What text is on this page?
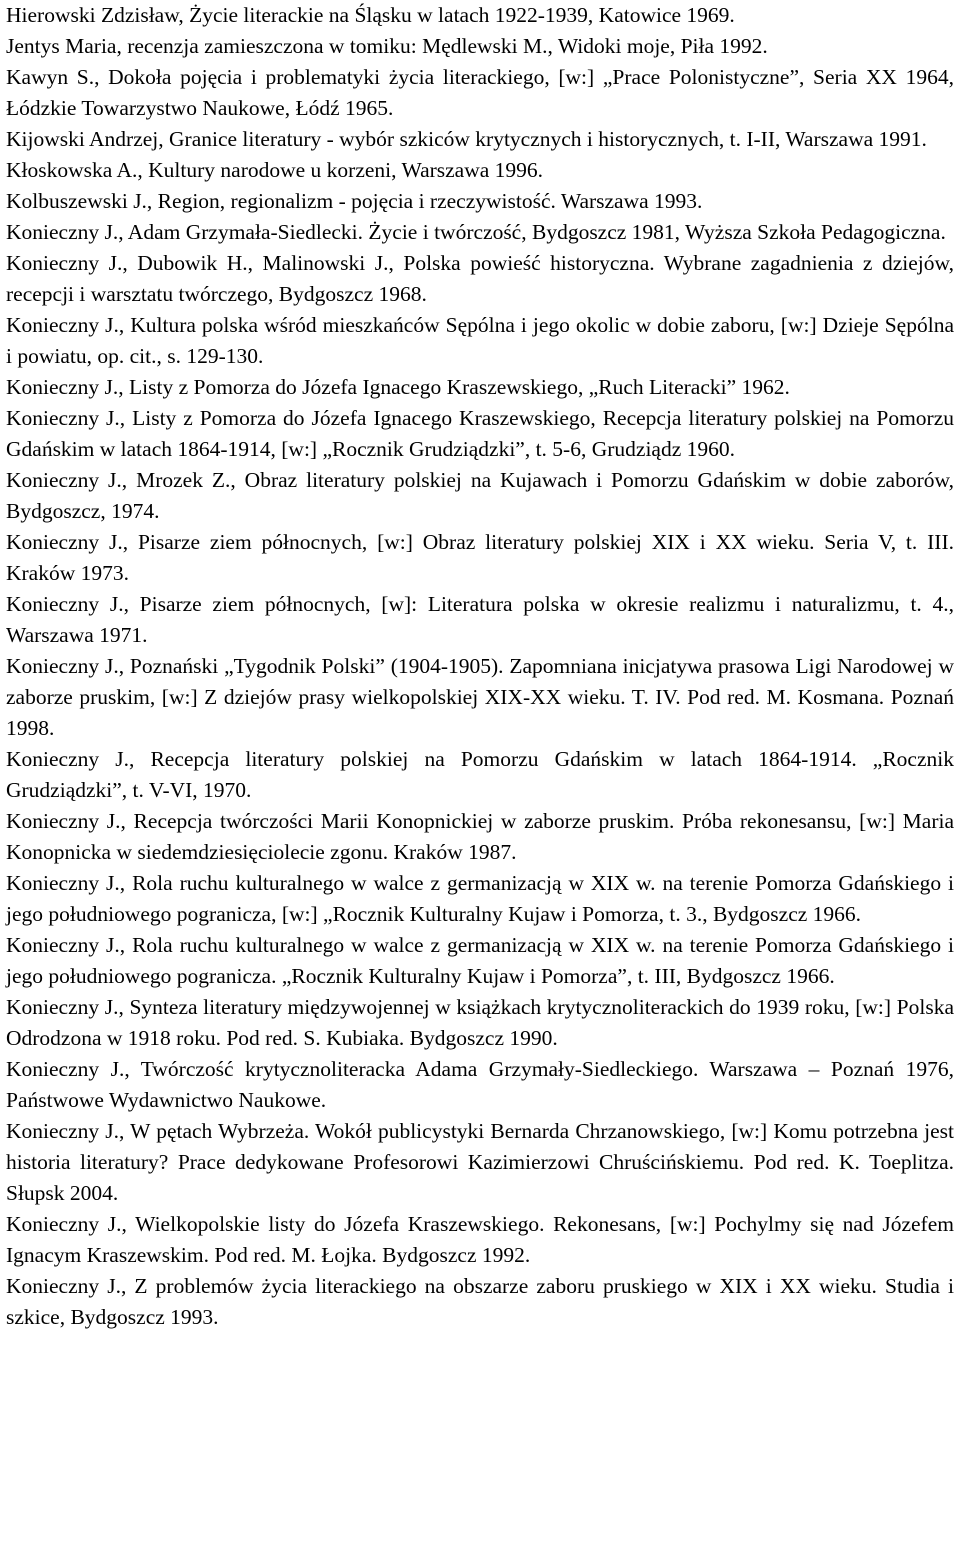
Hierowski Zdzisław, Życie literackie na Śląsku w latach 1922-1939, Katowice 1969.

Jentys Maria, recenzja zamieszczona w tomiku: Mędlewski M., Widoki moje, Piła 1992.

Kawyn S., Dokoła pojęcia i problematyki życia literackiego, [w:] „Prace Polonistyczne”, Seria XX 1964, Łódzkie Towarzystwo Naukowe, Łódź 1965.

Kijowski Andrzej, Granice literatury - wybór szkiców krytycznych i historycznych, t. I-II, Warszawa 1991.

Kłoskowska A., Kultury narodowe u korzeni, Warszawa 1996.

Kolbuszewski J., Region, regionalizm - pojęcia i rzeczywistość. Warszawa 1993.

Konieczny J., Adam Grzymała-Siedlecki. Życie i twórczość, Bydgoszcz 1981, Wyższa Szkoła Pedagogiczna.

Konieczny J., Dubowik H., Malinowski J., Polska powieść historyczna. Wybrane zagadnienia z dziejów, recepcji i warsztatu twórczego, Bydgoszcz 1968.

Konieczny J., Kultura polska wśród mieszkańców Sępólna i jego okolic w dobie zaboru, [w:] Dzieje Sępólna i powiatu, op. cit., s. 129-130.

Konieczny J., Listy z Pomorza do Józefa Ignacego Kraszewskiego, „Ruch Literacki” 1962.

Konieczny J., Listy z Pomorza do Józefa Ignacego Kraszewskiego, Recepcja literatury polskiej na Pomorzu Gdańskim w latach 1864-1914, [w:] „Rocznik Grudziądzki”, t. 5-6, Grudziądz 1960.

Konieczny J., Mrozek Z., Obraz literatury polskiej na Kujawach i Pomorzu Gdańskim w dobie zaborów, Bydgoszcz, 1974.

Konieczny J., Pisarze ziem północnych, [w:] Obraz literatury polskiej XIX i XX wieku. Seria V, t. III. Kraków 1973.

Konieczny J., Pisarze ziem północnych, [w]: Literatura polska w okresie realizmu i naturalizmu, t. 4., Warszawa 1971.

Konieczny J., Poznański „Tygodnik Polski” (1904-1905). Zapomniana inicjatywa prasowa Ligi Narodowej w zaborze pruskim, [w:] Z dziejów prasy wielkopolskiej XIX-XX wieku. T. IV. Pod red. M. Kosmana. Poznań 1998.

Konieczny J., Recepcja literatury polskiej na Pomorzu Gdańskim w latach 1864-1914. „Rocznik Grudziądzki”, t. V-VI, 1970.

Konieczny J., Recepcja twórczości Marii Konopnickiej w zaborze pruskim. Próba rekonesansu, [w:] Maria Konopnicka w siedemdziesięciolecie zgonu. Kraków 1987.

Konieczny J., Rola ruchu kulturalnego w walce z germanizacją w XIX w. na terenie Pomorza Gdańskiego i jego południowego pogranicza, [w:] „Rocznik Kulturalny Kujaw i Pomorza, t. 3., Bydgoszcz 1966.

Konieczny J., Rola ruchu kulturalnego w walce z germanizacją w XIX w. na terenie Pomorza Gdańskiego i jego południowego pogranicza. „Rocznik Kulturalny Kujaw i Pomorza”, t. III, Bydgoszcz 1966.

Konieczny J., Synteza literatury międzywojennej w książkach krytycznoliterackich do 1939 roku, [w:] Polska Odrodzona w 1918 roku. Pod red. S. Kubiaka. Bydgoszcz 1990.

Konieczny J., Twórczość krytycznoliteracka Adama Grzymały-Siedleckiego. Warszawa – Poznań 1976, Państwowe Wydawnictwo Naukowe.

Konieczny J., W pętach Wybrzeża. Wokół publicystyki Bernarda Chrzanowskiego, [w:] Komu potrzebna jest historia literatury? Prace dedykowane Profesorowi Kazimierzowi Chruścińskiemu. Pod red. K. Toeplitza. Słupsk 2004.

Konieczny J., Wielkopolskie listy do Józefa Kraszewskiego. Rekonesans, [w:] Pochylmy się nad Józefem Ignacym Kraszewskim. Pod red. M. Łojka. Bydgoszcz 1992.

Konieczny J., Z problemów życia literackiego na obszarze zaboru pruskiego w XIX i XX wieku. Studia i szkice, Bydgoszcz 1993.
